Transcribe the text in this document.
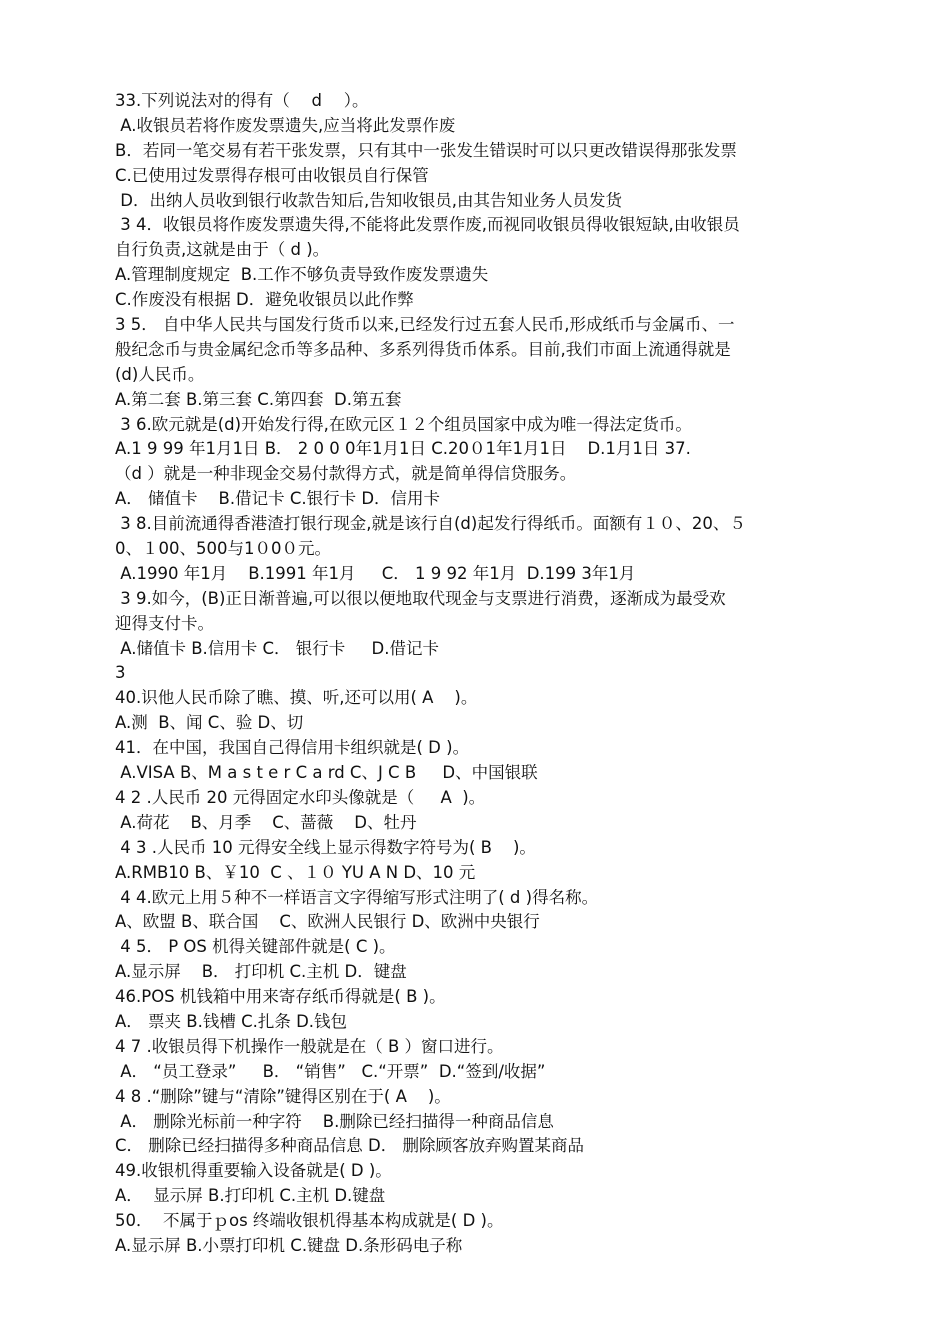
33.下列说法对的得有（　 d　 ）。
A.收银员若将作废发票遗失,应当将此发票作废
B．若同一笔交易有若干张发票，只有其中一张发生错误时可以只更改错误得那张发票
C.已使用过发票得存根可由收银员自行保管
D．出纳人员收到银行收款告知后,告知收银员,由其告知业务人员发货
3 4．收银员将作废发票遗失得,不能将此发票作废,而视同收银员得收银短缺,由收银员
自行负责,这就是由于（ d )。
A.管理制度规定  B.工作不够负责导致作废发票遗失
C.作废没有根据 D．避免收银员以此作弊
3 5． 自中华人民共与国发行货币以来,已经发行过五套人民币,形成纸币与金属币、一
般纪念币与贵金属纪念币等多品种、多系列得货币体系。目前,我们市面上流通得就是
(d)人民币。
A.第二套 B.第三套 C.第四套  D.第五套
3 6.欧元就是(d)开始发行得,在欧元区１２个组员国家中成为唯一得法定货币。
A.1 9 99 年1月1日 B． 2 0 0 0年1月1日 C.20０1年1月1日    D.1月1日 37.
（d ）就是一种非现金交易付款得方式，就是简单得信贷服务。
A． 储值卡    B.借记卡 C.银行卡 D．信用卡
3 8.目前流通得香港渣打银行现金,就是该行自(d)起发行得纸币。面额有１０、20、５
0、１00、500与1０0０元。
A.1990 年1月    B.1991 年1月     C． 1 9 92 年1月  D.199 3年1月
3 9.如今，(B)正日渐普遍,可以很以便地取代现金与支票进行消费，逐渐成为最受欢
迎得支付卡。
A.储值卡 B.信用卡 C． 银行卡     D.借记卡
3
40.识他人民币除了瞧、摸、听,还可以用( A    )。
A.测  B、闻 C、验 D、切
41．在中国，我国自己得信用卡组织就是( D )。
A.VISA B、M a s t e r C a rd C、J C B     D、中国银联
4 2 .人民币 20 元得固定水印头像就是（     A  )。
A.荷花    B、月季    C、蔷薇    D、牡丹
4 3 .人民币 10 元得安全线上显示得数字符号为( B    )。
A.RMB10 B、￥10  C 、１０ YU A N D、10 元
4 4.欧元上用５种不一样语言文字得缩写形式注明了( d )得名称。
A、欧盟 B、联合国    C、欧洲人民银行 D、欧洲中央银行
4 5． P OS 机得关键部件就是( C )。
A.显示屏    B． 打印机 C.主机 D．键盘
46.POS 机钱箱中用来寄存纸币得就是( B )。
A． 票夹 B.钱槽 C.扎条 D.钱包
4 7 .收银员得下机操作一般就是在（ B ）窗口进行。
A． “员工登录”     B． “销售”   C.“开票”  D.“签到/收据”
4 8 .“删除”键与“清除”键得区别在于( A    )。
A． 删除光标前一种字符    B.删除已经扫描得一种商品信息
C． 删除已经扫描得多种商品信息 D． 删除顾客放弃购置某商品
49.收银机得重要输入设备就是( D )。
A．  显示屏 B.打印机 C.主机 D.键盘
50．  不属于ｐos 终端收银机得基本构成就是( D )。
A.显示屏 B.小票打印机 C.键盘 D.条形码电子称
